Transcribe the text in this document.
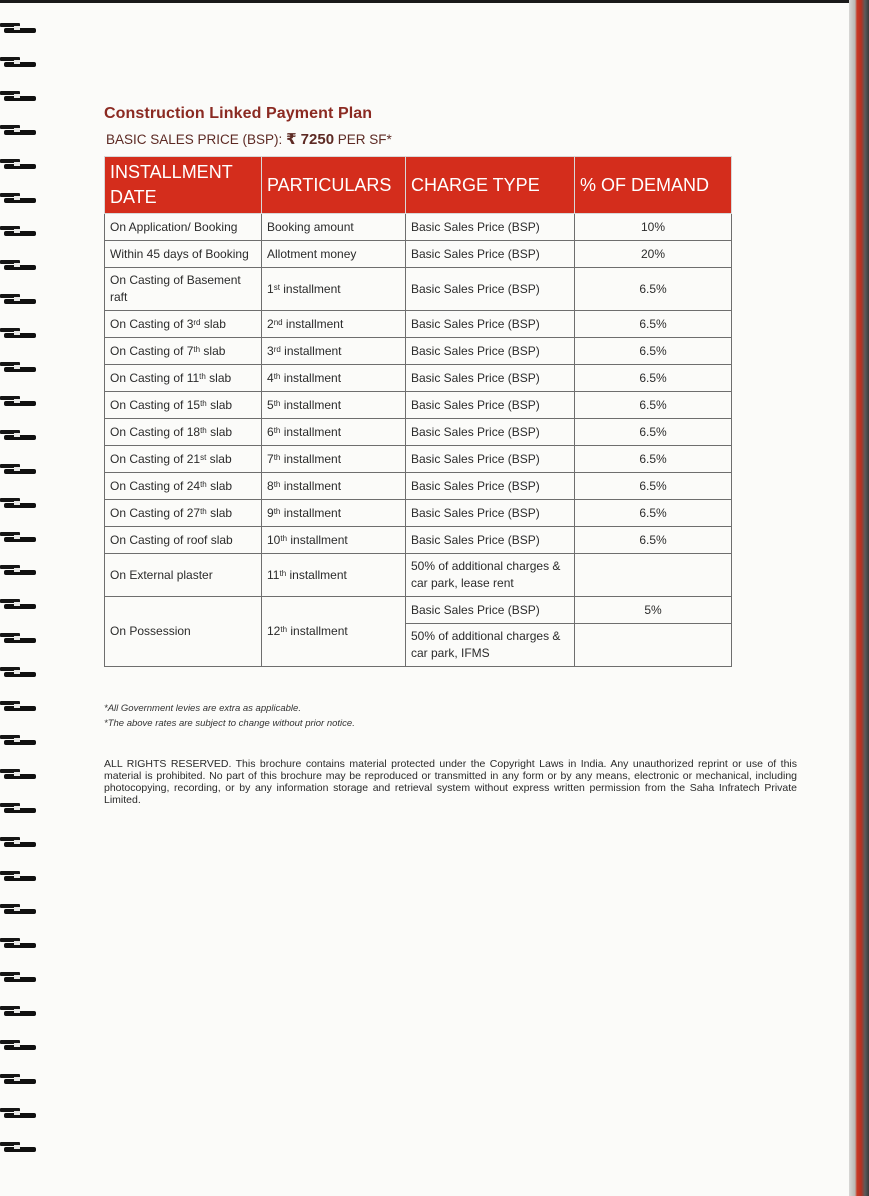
Construction Linked Payment Plan
BASIC SALES PRICE (BSP): ₹ 7250 PER SF*
INSTALLMENT DATE	PARTICULARS	CHARGE TYPE	% OF DEMAND
On Application/ Booking	Booking amount	Basic Sales Price (BSP)	10%
Within 45 days of Booking	Allotment money	Basic Sales Price (BSP)	20%
On Casting of Basement raft	1st installment	Basic Sales Price (BSP)	6.5%
On Casting of 3rd slab	2nd installment	Basic Sales Price (BSP)	6.5%
On Casting of 7th slab	3rd installment	Basic Sales Price (BSP)	6.5%
On Casting of 11th slab	4th installment	Basic Sales Price (BSP)	6.5%
On Casting of 15th slab	5th installment	Basic Sales Price (BSP)	6.5%
On Casting of 18th slab	6th installment	Basic Sales Price (BSP)	6.5%
On Casting of 21st slab	7th installment	Basic Sales Price (BSP)	6.5%
On Casting of 24th slab	8th installment	Basic Sales Price (BSP)	6.5%
On Casting of 27th slab	9th installment	Basic Sales Price (BSP)	6.5%
On Casting of roof slab	10th installment	Basic Sales Price (BSP)	6.5%
On External plaster	11th installment	50% of additional charges & car park, lease rent	
On Possession	12th installment	Basic Sales Price (BSP)	5%
		50% of additional charges & car park, IFMS	
*All Government levies are extra as applicable.
*The above rates are subject to change without prior notice.
ALL RIGHTS RESERVED. This brochure contains material protected under the Copyright Laws in India. Any unauthorized reprint or use of this material is prohibited. No part of this brochure may be reproduced or transmitted in any form or by any means, electronic or mechanical, including photocopying, recording, or by any information storage and retrieval system without express written permission from the Saha Infratech Private Limited.
